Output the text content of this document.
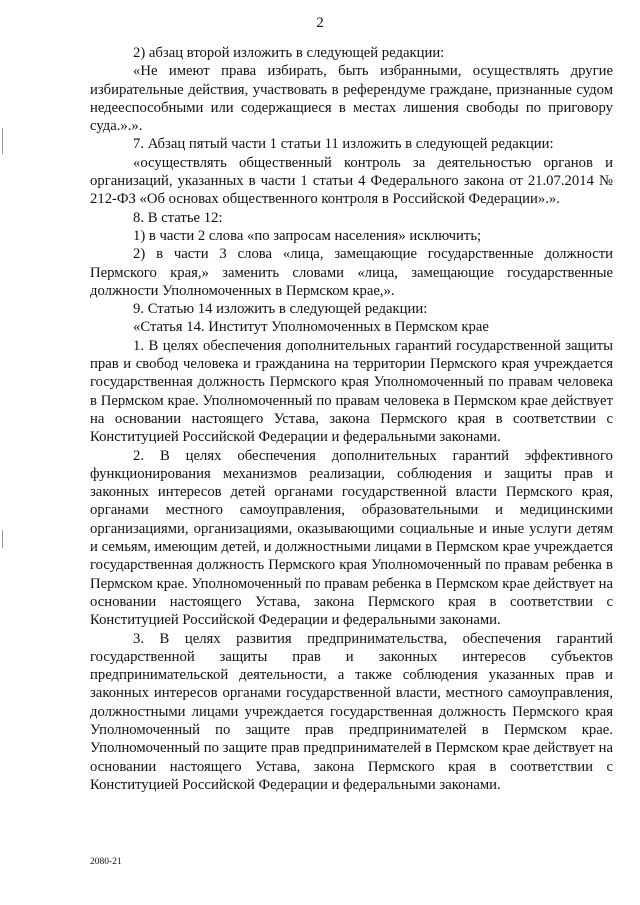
2

2) абзац второй изложить в следующей редакции:

«Не имеют права избирать, быть избранными, осуществлять другие избирательные действия, участвовать в референдуме граждане, признанные судом недееспособными или содержащиеся в местах лишения свободы по приговору суда.».».

7. Абзац пятый части 1 статьи 11 изложить в следующей редакции:

«осуществлять общественный контроль за деятельностью органов и организаций, указанных в части 1 статьи 4 Федерального закона от 21.07.2014 № 212-ФЗ «Об основах общественного контроля в Российской Федерации».».

8. В статье 12:

1) в части 2 слова «по запросам населения» исключить;

2) в части 3 слова «лица, замещающие государственные должности Пермского края,» заменить словами «лица, замещающие государственные должности Уполномоченных в Пермском крае,».

9. Статью 14 изложить в следующей редакции:

«Статья 14. Институт Уполномоченных в Пермском крае

1. В целях обеспечения дополнительных гарантий государственной защиты прав и свобод человека и гражданина на территории Пермского края учреждается государственная должность Пермского края Уполномоченный по правам человека в Пермском крае. Уполномоченный по правам человека в Пермском крае действует на основании настоящего Устава, закона Пермского края в соответствии с Конституцией Российской Федерации и федеральными законами.

2. В целях обеспечения дополнительных гарантий эффективного функционирования механизмов реализации, соблюдения и защиты прав и законных интересов детей органами государственной власти Пермского края, органами местного самоуправления, образовательными и медицинскими организациями, организациями, оказывающими социальные и иные услуги детям и семьям, имеющим детей, и должностными лицами в Пермском крае учреждается государственная должность Пермского края Уполномоченный по правам ребенка в Пермском крае. Уполномоченный по правам ребенка в Пермском крае действует на основании настоящего Устава, закона Пермского края в соответствии с Конституцией Российской Федерации и федеральными законами.

3. В целях развития предпринимательства, обеспечения гарантий государственной защиты прав и законных интересов субъектов предпринимательской деятельности, а также соблюдения указанных прав и законных интересов органами государственной власти, местного самоуправления, должностными лицами учреждается государственная должность Пермского края Уполномоченный по защите прав предпринимателей в Пермском крае. Уполномоченный по защите прав предпринимателей в Пермском крае действует на основании настоящего Устава, закона Пермского края в соответствии с Конституцией Российской Федерации и федеральными законами.

2080-21
